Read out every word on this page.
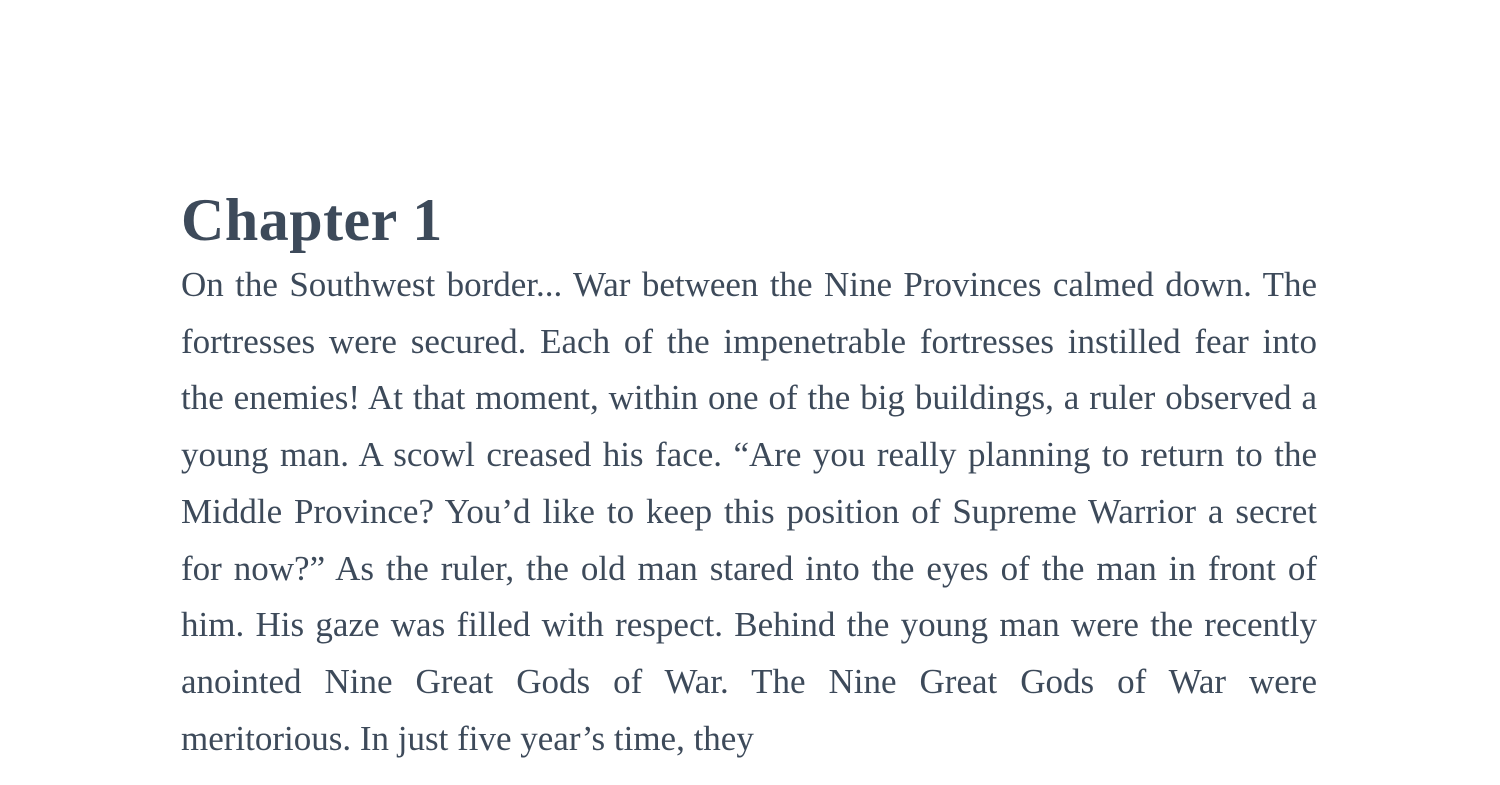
Chapter 1

On the Southwest border... War between the Nine Provinces calmed down. The fortresses were secured. Each of the impenetrable fortresses instilled fear into the enemies! At that moment, within one of the big buildings, a ruler observed a young man. A scowl creased his face. “Are you really planning to return to the Middle Province? You’d like to keep this position of Supreme Warrior a secret for now?” As the ruler, the old man stared into the eyes of the man in front of him. His gaze was filled with respect. Behind the young man were the recently anointed Nine Great Gods of War. The Nine Great Gods of War were meritorious. In just five year’s time, they
